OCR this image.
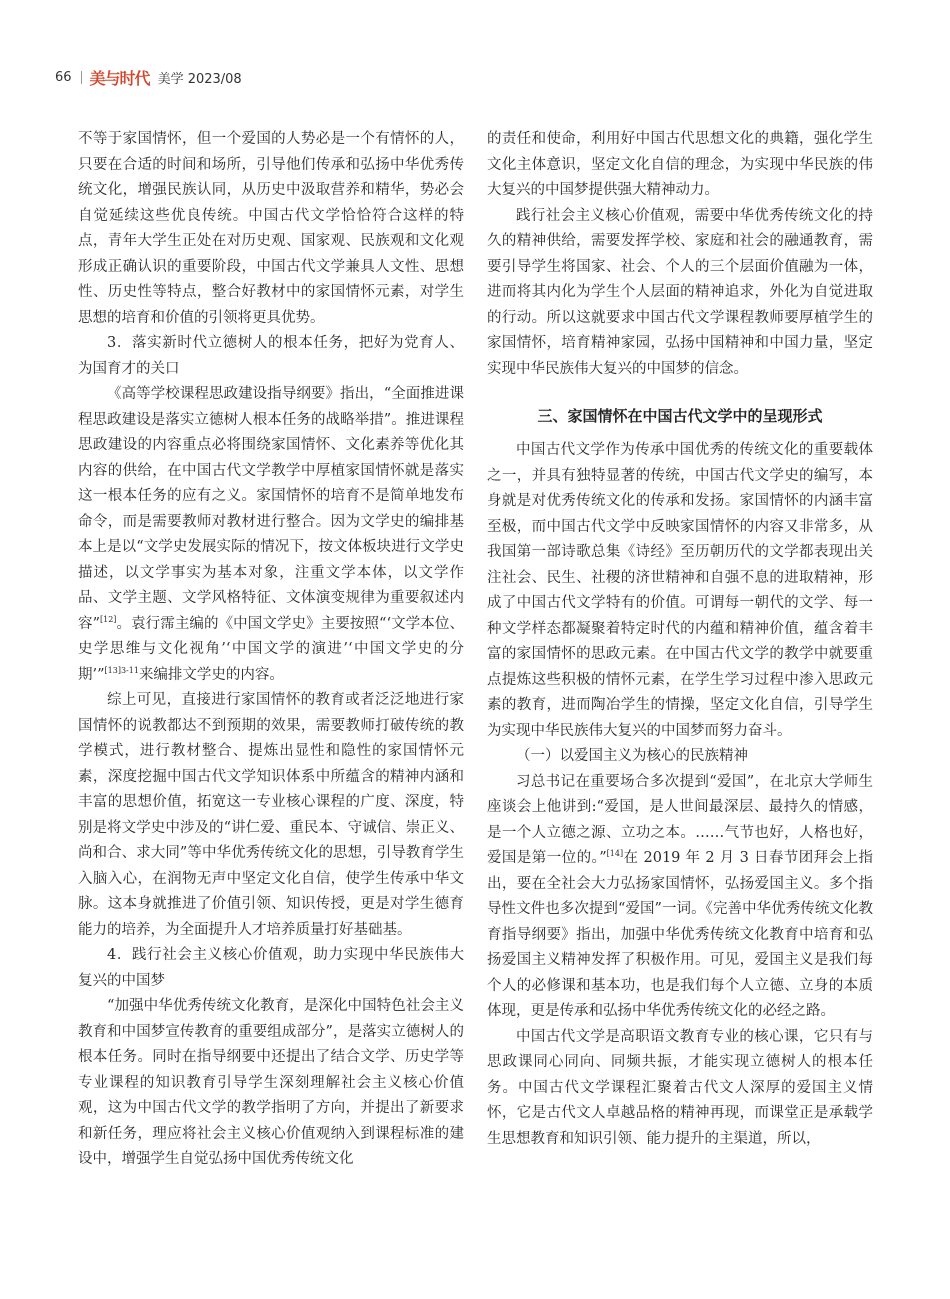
66 美与时代 美学 2023/08

不等于家国情怀，但一个爱国的人势必是一个有情怀的人，只要在合适的时间和场所，引导他们传承和弘扬中华优秀传统文化，增强民族认同，从历史中汲取营养和精华，势必会自觉延续这些优良传统。中国古代文学恰恰符合这样的特点，青年大学生正处在对历史观、国家观、民族观和文化观形成正确认识的重要阶段，中国古代文学兼具人文性、思想性、历史性等特点，整合好教材中的家国情怀元素，对学生思想的培育和价值的引领将更具优势。

3．落实新时代立德树人的根本任务，把好为党育人、为国育才的关口

《高等学校课程思政建设指导纲要》指出，“全面推进课程思政建设是落实立德树人根本任务的战略举措”。推进课程思政建设的内容重点必将围绕家国情怀、文化素养等优化其内容的供给，在中国古代文学教学中厚植家国情怀就是落实这一根本任务的应有之义。家国情怀的培育不是简单地发布命令，而是需要教师对教材进行整合。因为文学史的编排基本上是以“文学史发展实际的情况下，按文体板块进行文学史描述，以文学事实为基本对象，注重文学本体，以文学作品、文学主题、文学风格特征、文体演变规律为重要叙述内容”[12]。袁行霈主编的《中国文学史》主要按照“‘文学本位、史学思维与文化视角’‘中国文学的演进’‘中国文学史的分期’”$^{[13]3-11}$来编排文学史的内容。

综上可见，直接进行家国情怀的教育或者泛泛地进行家国情怀的说教都达不到预期的效果，需要教师打破传统的教学模式，进行教材整合、提炼出显性和隐性的家国情怀元素，深度挖掘中国古代文学知识体系中所蕴含的精神内涵和丰富的思想价值，拓宽这一专业核心课程的广度、深度，特别是将文学史中涉及的“讲仁爱、重民本、守诚信、崇正义、尚和合、求大同”等中华优秀传统文化的思想，引导教育学生入脑入心，在润物无声中坚定文化自信，使学生传承中华文脉。这本身就推进了价值引领、知识传授，更是对学生德育能力的培养，为全面提升人才培养质量打好基础基。

4．践行社会主义核心价值观，助力实现中华民族伟大复兴的中国梦

“加强中华优秀传统文化教育，是深化中国特色社会主义教育和中国梦宣传教育的重要组成部分”，是落实立德树人的根本任务。同时在指导纲要中还提出了结合文学、历史学等专业课程的知识教育引导学生深刻理解社会主义核心价值观，这为中国古代文学的教学指明了方向，并提出了新要求和新任务，理应将社会主义核心价值观纳入到课程标准的建设中，增强学生自觉弘扬中国优秀传统文化

的责任和使命，利用好中国古代思想文化的典籍，强化学生文化主体意识，坚定文化自信的理念，为实现中华民族的伟大复兴的中国梦提供强大精神动力。

践行社会主义核心价值观，需要中华优秀传统文化的持久的精神供给，需要发挥学校、家庭和社会的融通教育，需要引导学生将国家、社会、个人的三个层面价值融为一体，进而将其内化为学生个人层面的精神追求，外化为自觉进取的行动。所以这就要求中国古代文学课程教师要厚植学生的家国情怀，培育精神家园，弘扬中国精神和中国力量，坚定实现中华民族伟大复兴的中国梦的信念。

三、家国情怀在中国古代文学中的呈现形式

中国古代文学作为传承中国优秀的传统文化的重要载体之一，并具有独特显著的传统，中国古代文学史的编写，本身就是对优秀传统文化的传承和发扬。家国情怀的内涵丰富至极，而中国古代文学中反映家国情怀的内容又非常多，从我国第一部诗歌总集《诗经》至历朝历代的文学都表现出关注社会、民生、社稷的济世精神和自强不息的进取精神，形成了中国古代文学特有的价值。可谓每一朝代的文学、每一种文学样态都凝聚着特定时代的内蕴和精神价值，蕴含着丰富的家国情怀的思政元素。在中国古代文学的教学中就要重点提炼这些积极的情怀元素，在学生学习过程中渗入思政元素的教育，进而陶冶学生的情操，坚定文化自信，引导学生为实现中华民族伟大复兴的中国梦而努力奋斗。

（一）以爱国主义为核心的民族精神

习总书记在重要场合多次提到“爱国”，在北京大学师生座谈会上他讲到:“爱国，是人世间最深层、最持久的情感，是一个人立德之源、立功之本。……气节也好，人格也好，爱国是第一位的。”[14]在 2019 年 2 月 3 日春节团拜会上指出，要在全社会大力弘扬家国情怀，弘扬爱国主义。多个指导性文件也多次提到“爱国”一词。《完善中华优秀传统文化教育指导纲要》指出，加强中华优秀传统文化教育中培育和弘扬爱国主义精神发挥了积极作用。可见，爱国主义是我们每个人的必修课和基本功，也是我们每个人立德、立身的本质体现，更是传承和弘扬中华优秀传统文化的必经之路。

中国古代文学是高职语文教育专业的核心课，它只有与思政课同心同向、同频共振，才能实现立德树人的根本任务。中国古代文学课程汇聚着古代文人深厚的爱国主义情怀，它是古代文人卓越品格的精神再现，而课堂正是承载学生思想教育和知识引领、能力提升的主渠道，所以，
